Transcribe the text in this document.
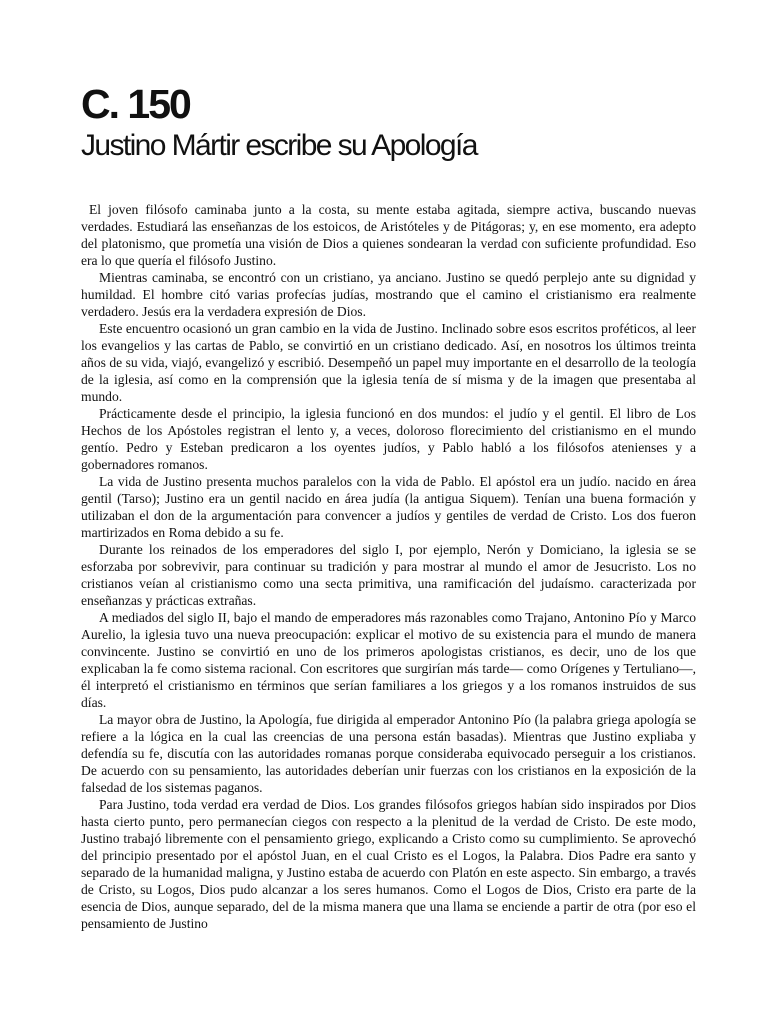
C. 150
Justino Mártir escribe su Apología

El joven filósofo caminaba junto a la costa, su mente estaba agitada, siempre activa, buscando nuevas verdades. Estudiará las enseñanzas de los estoicos, de Aristóteles y de Pitágoras; y, en ese momento, era adepto del platonismo, que prometía una visión de Dios a quienes sondearan la verdad con suficiente profundidad. Eso era lo que quería el filósofo Justino.

Mientras caminaba, se encontró con un cristiano, ya anciano. Justino se quedó perplejo ante su dignidad y humildad. El hombre citó varias profecías judías, mostrando que el camino el cristianismo era realmente verdadero. Jesús era la verdadera expresión de Dios.

Este encuentro ocasionó un gran cambio en la vida de Justino. Inclinado sobre esos escritos proféticos, al leer los evangelios y las cartas de Pablo, se convirtió en un cristiano dedicado. Así, en nosotros los últimos treinta años de su vida, viajó, evangelizó y escribió. Desempeñó un papel muy importante en el desarrollo de la teología de la iglesia, así como en la comprensión que la iglesia tenía de sí misma y de la imagen que presentaba al mundo.

Prácticamente desde el principio, la iglesia funcionó en dos mundos: el judío y el gentil. El libro de Los Hechos de los Apóstoles registran el lento y, a veces, doloroso florecimiento del cristianismo en el mundo gentío. Pedro y Esteban predicaron a los oyentes judíos, y Pablo habló a los filósofos atenienses y a gobernadores romanos.

La vida de Justino presenta muchos paralelos con la vida de Pablo. El apóstol era un judío. nacido en área gentil (Tarso); Justino era un gentil nacido en área judía (la antigua Siquem). Tenían una buena formación y utilizaban el don de la argumentación para convencer a judíos y gentiles de verdad de Cristo. Los dos fueron martirizados en Roma debido a su fe.

Durante los reinados de los emperadores del siglo I, por ejemplo, Nerón y Domiciano, la iglesia se se esforzaba por sobrevivir, para continuar su tradición y para mostrar al mundo el amor de Jesucristo. Los no cristianos veían al cristianismo como una secta primitiva, una ramificación del judaísmo. caracterizada por enseñanzas y prácticas extrañas.

A mediados del siglo II, bajo el mando de emperadores más razonables como Trajano, Antonino Pío y Marco Aurelio, la iglesia tuvo una nueva preocupación: explicar el motivo de su existencia para el mundo de manera convincente. Justino se convirtió en uno de los primeros apologistas cristianos, es decir, uno de los que explicaban la fe como sistema racional. Con escritores que surgirían más tarde— como Orígenes y Tertuliano—, él interpretó el cristianismo en términos que serían familiares a los griegos y a los romanos instruidos de sus días.

La mayor obra de Justino, la Apología, fue dirigida al emperador Antonino Pío (la palabra griega apología se refiere a la lógica en la cual las creencias de una persona están basadas). Mientras que Justino expliaba y defendía su fe, discutía con las autoridades romanas porque consideraba equivocado perseguir a los cristianos. De acuerdo con su pensamiento, las autoridades deberían unir fuerzas con los cristianos en la exposición de la falsedad de los sistemas paganos.

Para Justino, toda verdad era verdad de Dios. Los grandes filósofos griegos habían sido inspirados por Dios hasta cierto punto, pero permanecían ciegos con respecto a la plenitud de la verdad de Cristo. De este modo, Justino trabajó libremente con el pensamiento griego, explicando a Cristo como su cumplimiento. Se aprovechó del principio presentado por el apóstol Juan, en el cual Cristo es el Logos, la Palabra. Dios Padre era santo y separado de la humanidad maligna, y Justino estaba de acuerdo con Platón en este aspecto. Sin embargo, a través de Cristo, su Logos, Dios pudo alcanzar a los seres humanos. Como el Logos de Dios, Cristo era parte de la esencia de Dios, aunque separado, del de la misma manera que una llama se enciende a partir de otra (por eso el pensamiento de Justino
